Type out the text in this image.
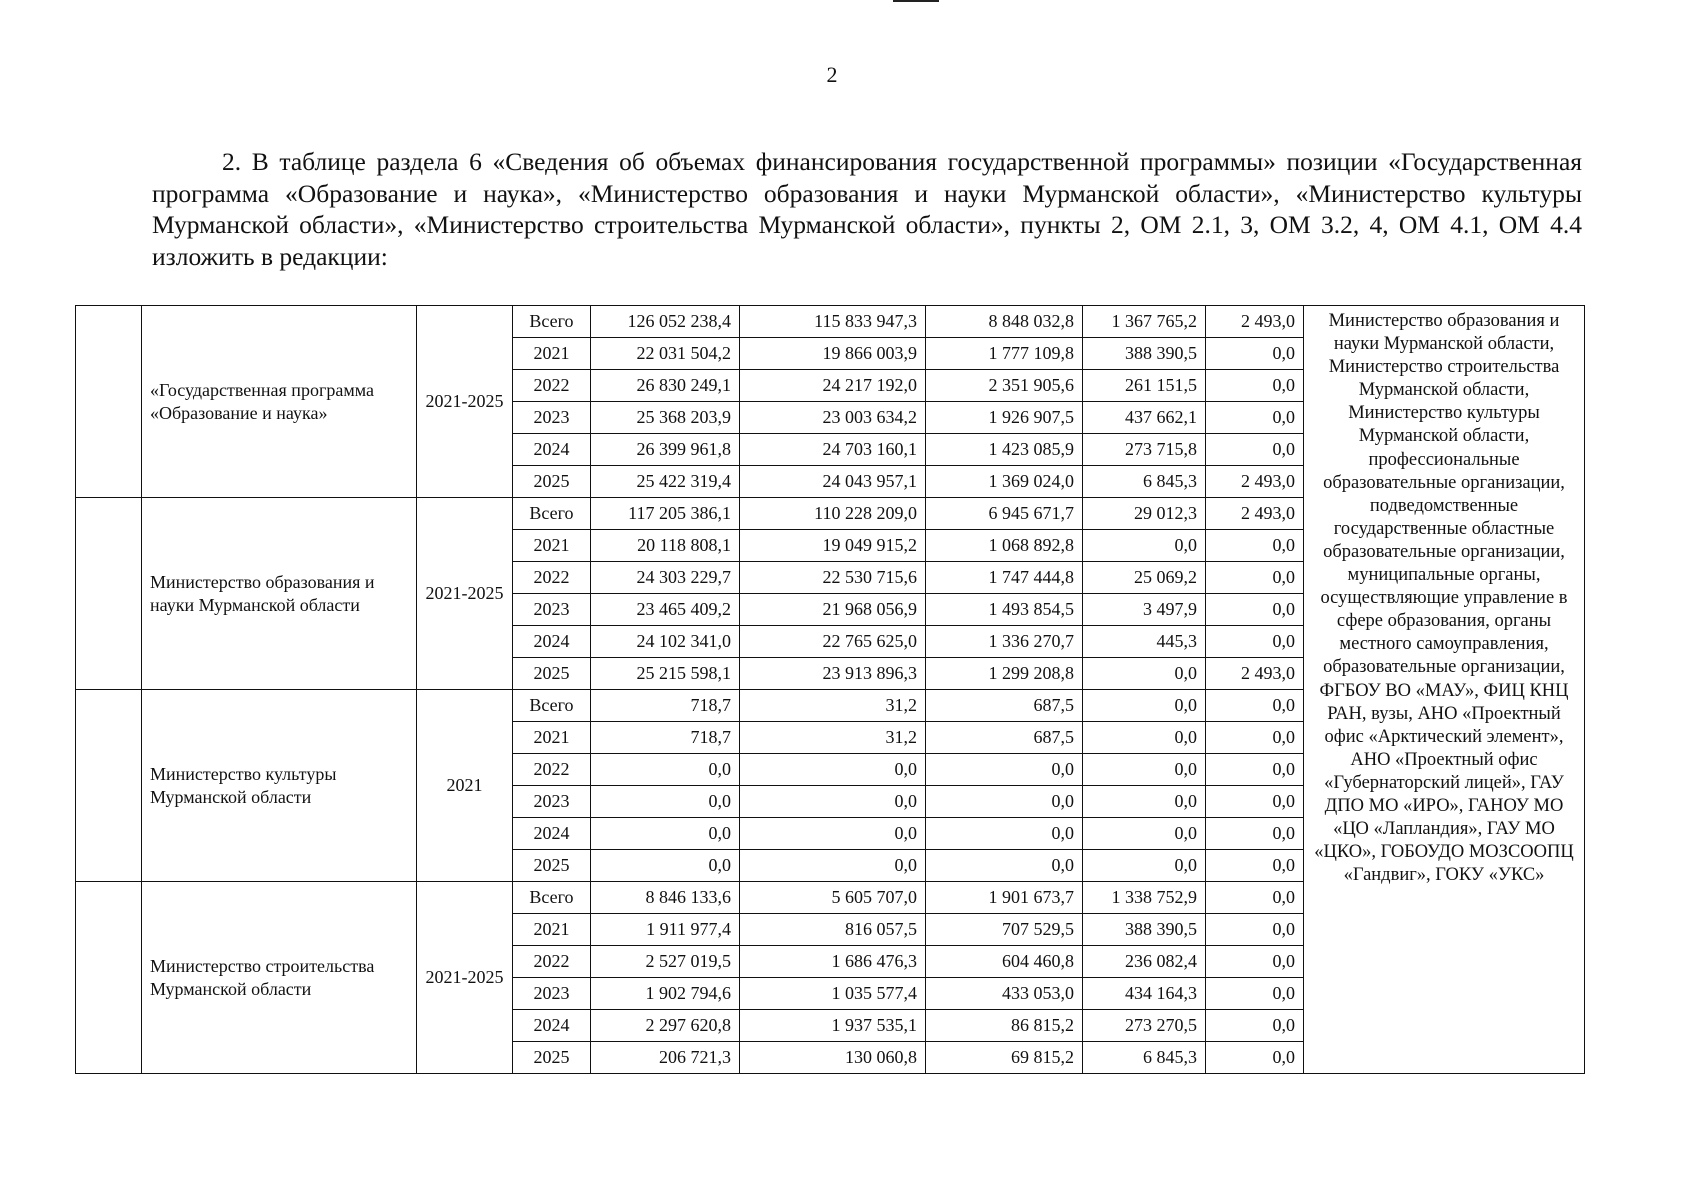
2

2. В таблице раздела 6 «Сведения об объемах финансирования государственной программы» позиции «Государственная программа «Образование и наука», «Министерство образования и науки Мурманской области», «Министерство культуры Мурманской области», «Министерство строительства Мурманской области», пункты 2, ОМ 2.1, 3, ОМ 3.2, 4, ОМ 4.1, ОМ 4.4 изложить в редакции:

	«Государственная программа «Образование и наука»	2021-2025	Всего	126 052 238,4	115 833 947,3	8 848 032,8	1 367 765,2	2 493,0	Министерство образования и науки Мурманской области, Министерство строительства Мурманской области, Министерство культуры Мурманской области, профессиональные образовательные организации, подведомственные государственные областные образовательные организации, муниципальные органы, осуществляющие управление в сфере образования, органы местного самоуправления, образовательные организации, ФГБОУ ВО «МАУ», ФИЦ КНЦ РАН, вузы, АНО «Проектный офис «Арктический элемент», АНО «Проектный офис «Губернаторский лицей», ГАУ ДПО МО «ИРО», ГАНОУ МО «ЦО «Лапландия», ГАУ МО «ЦКО», ГОБОУДО МОЗСООПЦ «Гандвиг», ГОКУ «УКС»
			2021	22 031 504,2	19 866 003,9	1 777 109,8	388 390,5	0,0	
			2022	26 830 249,1	24 217 192,0	2 351 905,6	261 151,5	0,0	
			2023	25 368 203,9	23 003 634,2	1 926 907,5	437 662,1	0,0	
			2024	26 399 961,8	24 703 160,1	1 423 085,9	273 715,8	0,0	
			2025	25 422 319,4	24 043 957,1	1 369 024,0	6 845,3	2 493,0	
	Министерство образования и науки Мурманской области	2021-2025	Всего	117 205 386,1	110 228 209,0	6 945 671,7	29 012,3	2 493,0	
			2021	20 118 808,1	19 049 915,2	1 068 892,8	0,0	0,0	
			2022	24 303 229,7	22 530 715,6	1 747 444,8	25 069,2	0,0	
			2023	23 465 409,2	21 968 056,9	1 493 854,5	3 497,9	0,0	
			2024	24 102 341,0	22 765 625,0	1 336 270,7	445,3	0,0	
			2025	25 215 598,1	23 913 896,3	1 299 208,8	0,0	2 493,0	
	Министерство культуры Мурманской области	2021	Всего	718,7	31,2	687,5	0,0	0,0	
			2021	718,7	31,2	687,5	0,0	0,0	
			2022	0,0	0,0	0,0	0,0	0,0	
			2023	0,0	0,0	0,0	0,0	0,0	
			2024	0,0	0,0	0,0	0,0	0,0	
			2025	0,0	0,0	0,0	0,0	0,0	
	Министерство строительства Мурманской области	2021-2025	Всего	8 846 133,6	5 605 707,0	1 901 673,7	1 338 752,9	0,0	
			2021	1 911 977,4	816 057,5	707 529,5	388 390,5	0,0	
			2022	2 527 019,5	1 686 476,3	604 460,8	236 082,4	0,0	
			2023	1 902 794,6	1 035 577,4	433 053,0	434 164,3	0,0	
			2024	2 297 620,8	1 937 535,1	86 815,2	273 270,5	0,0	
			2025	206 721,3	130 060,8	69 815,2	6 845,3	0,0	
